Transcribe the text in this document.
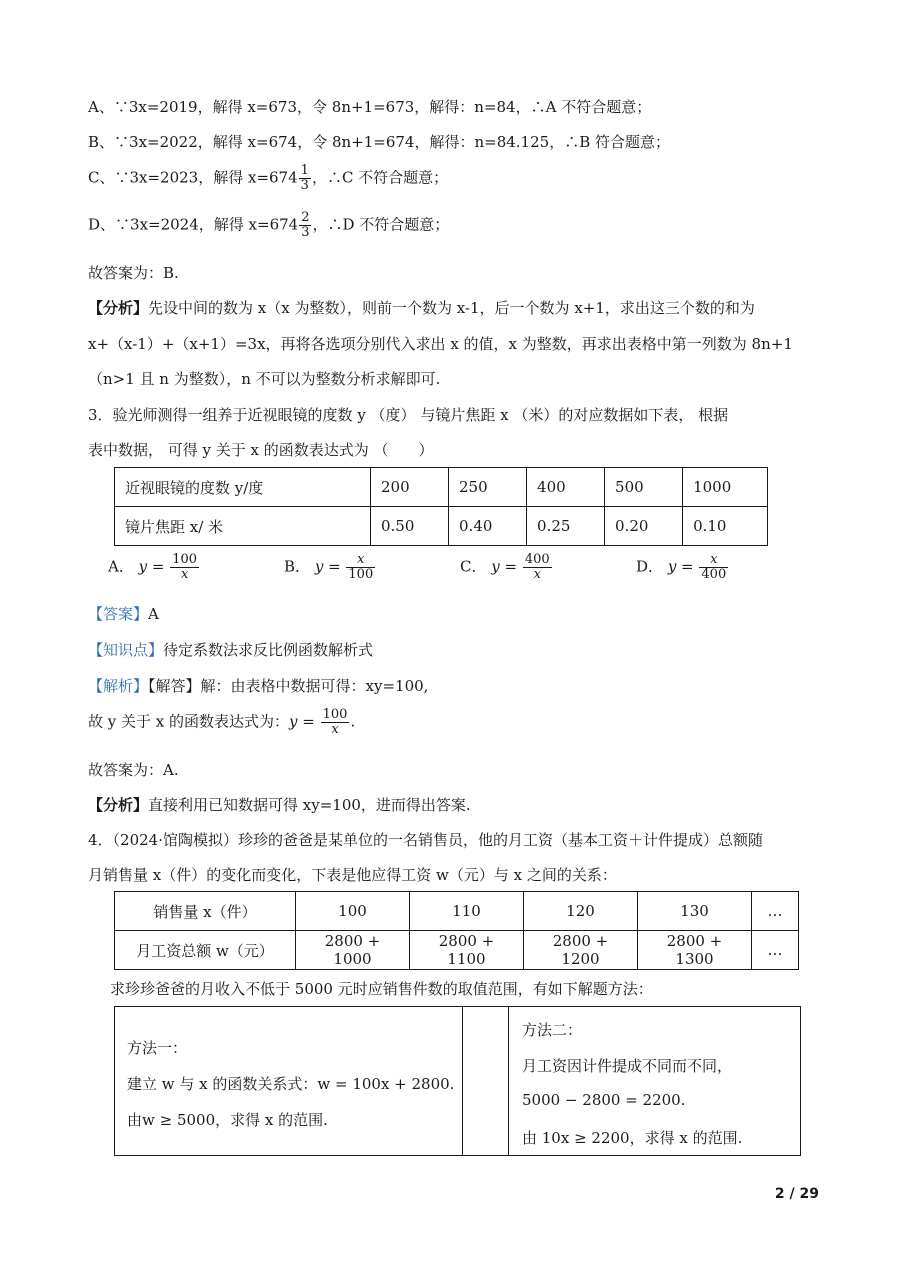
A、∵3x=2019，解得 x=673，令 8n+1=673，解得：n=84，∴A 不符合题意；
B、∵3x=2022，解得 x=674，令 8n+1=674，解得：n=84.125，∴B 符合题意；
C、∵3x=2023，解得 $x=674 \frac{1}{3}$ ，∴C 不符合题意；
D、∵3x=2024，解得 $x=674 \frac{2}{3}$ ，∴D 不符合题意；
故答案为：B.
【分析】先设中间的数为 x（x 为整数），则前一个数为 x-1，后一个数为 x+1，求出这三个数的和为
x+（x-1）+（x+1）=3x，再将各选项分别代入求出 x 的值，x 为整数，再求出表格中第一列数为 8n+1
（n>1 且 n 为整数），n 不可以为整数分析求解即可.
3．验光师测得一组养于近视眼镜的度数 y （度） 与镜片焦距 x （米）的对应数据如下表， 根据
表中数据， 可得 y 关于 x 的函数表达式为 （　　）
近视眼镜的度数 y/度	200	250	400	500	1000
镜片焦距 x/ 米	0.50	0.40	0.25	0.20	0.10
A． $y = \frac{100}{x}$	B． $y = \frac{x}{100}$	C． $y = \frac{400}{x}$	D． $y = \frac{x}{400}$
【答案】A
【知识点】待定系数法求反比例函数解析式
【解析】【解答】解：由表格中数据可得：xy=100,
故 y 关于 x 的函数表达式为：$y = \frac{100}{x}$ .
故答案为：A.
【分析】直接利用已知数据可得 xy=100，进而得出答案.
4．（2024·馆陶模拟）珍珍的爸爸是某单位的一名销售员，他的月工资（基本工资＋计件提成）总额随
月销售量 x（件）的变化而变化，下表是他应得工资 w（元）与 x 之间的关系：
销售量 x（件）	100	110	120	130	…
月工资总额 w（元）	2800 + 1000	2800 + 1100	2800 + 1200	2800 + 1300	…
求珍珍爸爸的月收入不低于 5000 元时应销售件数的取值范围，有如下解题方法：
方法一：
建立 w 与 x 的函数关系式：w = 100x + 2800.
由w ≥ 5000，求得 x 的范围.
方法二：
月工资因计件提成不同而不同，
5000 − 2800 = 2200.
由 10x ≥ 2200，求得 x 的范围.
2 / 29
